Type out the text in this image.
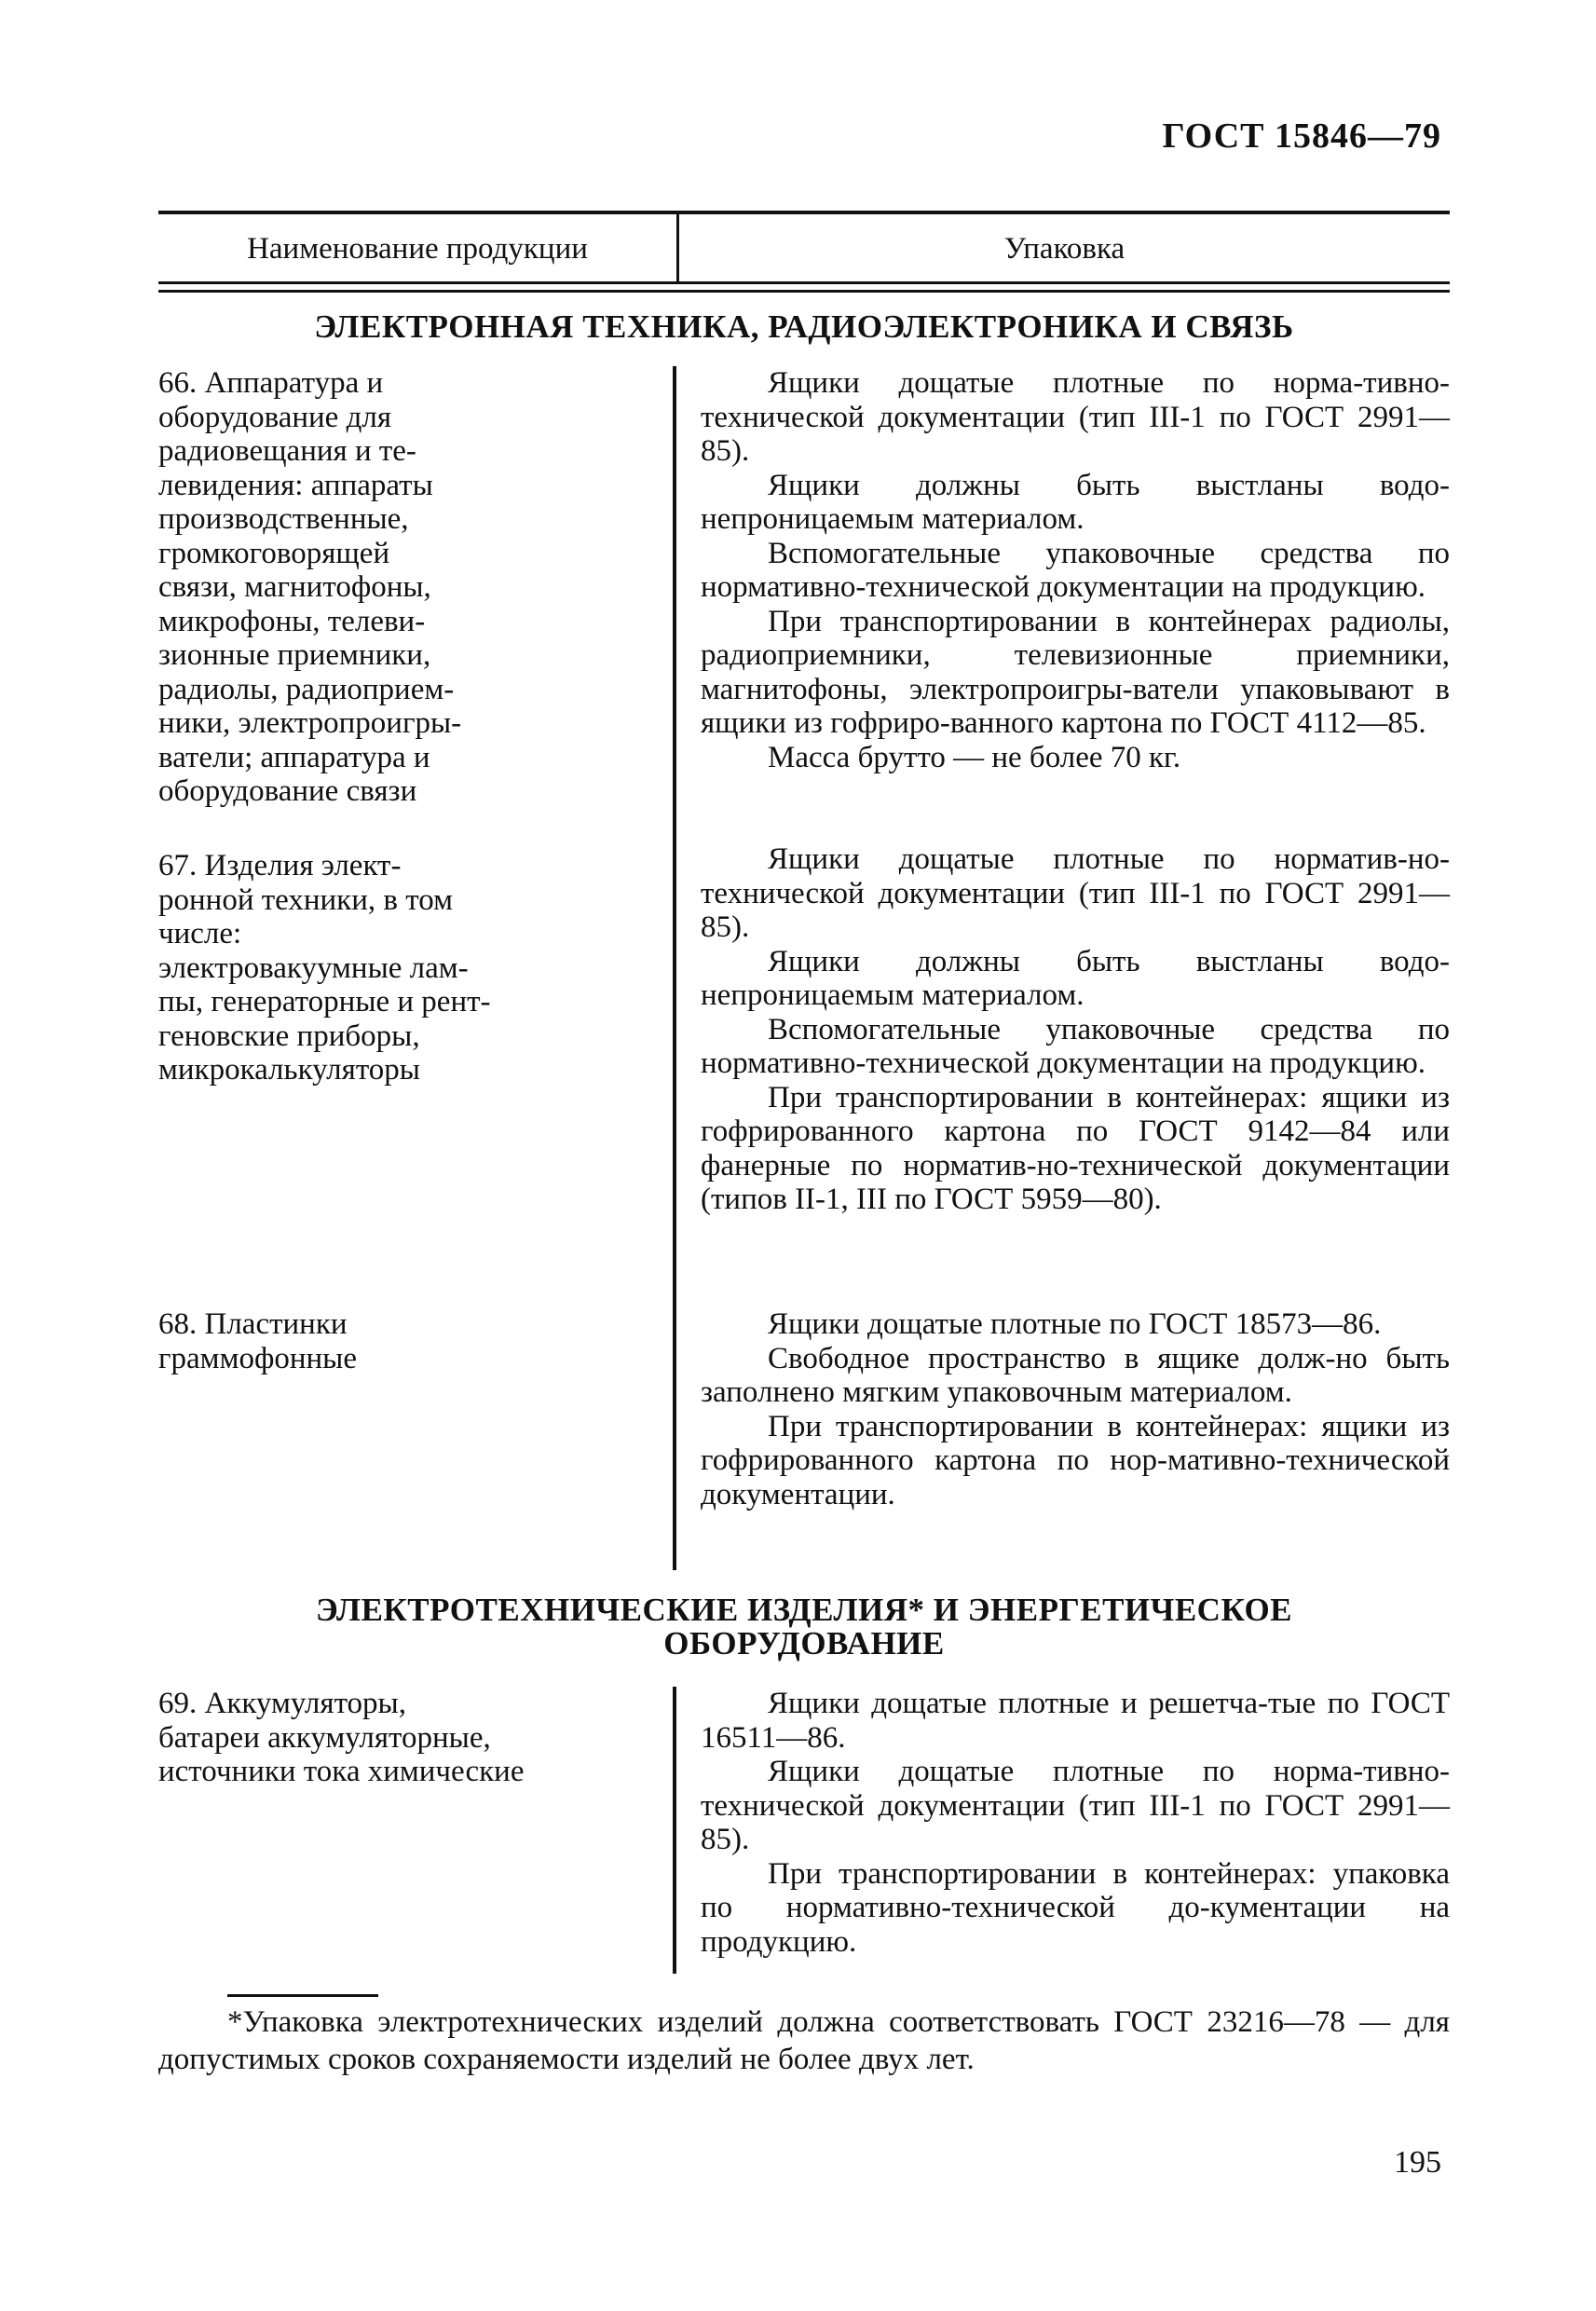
ГОСТ 15846—79
Наименование продукции	Упаковка
ЭЛЕКТРОННАЯ ТЕХНИКА, РАДИОЭЛЕКТРОНИКА И СВЯЗЬ

66. Аппаратура и
оборудование для
радиовещания и те-
левидения: аппараты
производственные,
громкоговорящей
связи, магнитофоны,
микрофоны, телеви-
зионные приемники,
радиолы, радиоприем-
ники, электропроигры-
ватели; аппаратура и
оборудование связи

67. Изделия элект-
ронной техники, в том
числе:
электровакуумные лам-
пы, генераторные и рент-
геновские приборы,
микрокалькуляторы

68. Пластинки
граммофонные

Ящики дощатые плотные по норма-тивно-технической документации (тип III-1 по ГОСТ 2991—85).

Ящики должны быть выстланы водо-непроницаемым материалом.

Вспомогательные упаковочные средства по нормативно-технической документации на продукцию.

При транспортировании в контейнерах радиолы, радиоприемники, телевизионные приемники, магнитофоны, электропроигры-ватели упаковывают в ящики из гофриро-ванного картона по ГОСТ 4112—85.

Масса брутто — не более 70 кг.

Ящики дощатые плотные по норматив-но-технической документации (тип III-1 по ГОСТ 2991—85).

Ящики должны быть выстланы водо-непроницаемым материалом.

Вспомогательные упаковочные средства по нормативно-технической документации на продукцию.

При транспортировании в контейнерах: ящики из гофрированного картона по ГОСТ 9142—84 или фанерные по норматив-но-технической документации (типов II-1, III по ГОСТ 5959—80).

Ящики дощатые плотные по ГОСТ 18573—86.

Свободное пространство в ящике долж-но быть заполнено мягким упаковочным материалом.

При транспортировании в контейнерах: ящики из гофрированного картона по нор-мативно-технической документации.

ЭЛЕКТРОТЕХНИЧЕСКИЕ ИЗДЕЛИЯ* И ЭНЕРГЕТИЧЕСКОЕ
ОБОРУДОВАНИЕ

69. Аккумуляторы,
батареи аккумуляторные,
источники тока химические

Ящики дощатые плотные и решетча-тые по ГОСТ 16511—86.

Ящики дощатые плотные по норма-тивно-технической документации (тип III-1 по ГОСТ 2991—85).

При транспортировании в контейнерах: упаковка по нормативно-технической до-кументации на продукцию.

*Упаковка электротехнических изделий должна соответствовать ГОСТ 23216—78 — для допустимых сроков сохраняемости изделий не более двух лет.
195
